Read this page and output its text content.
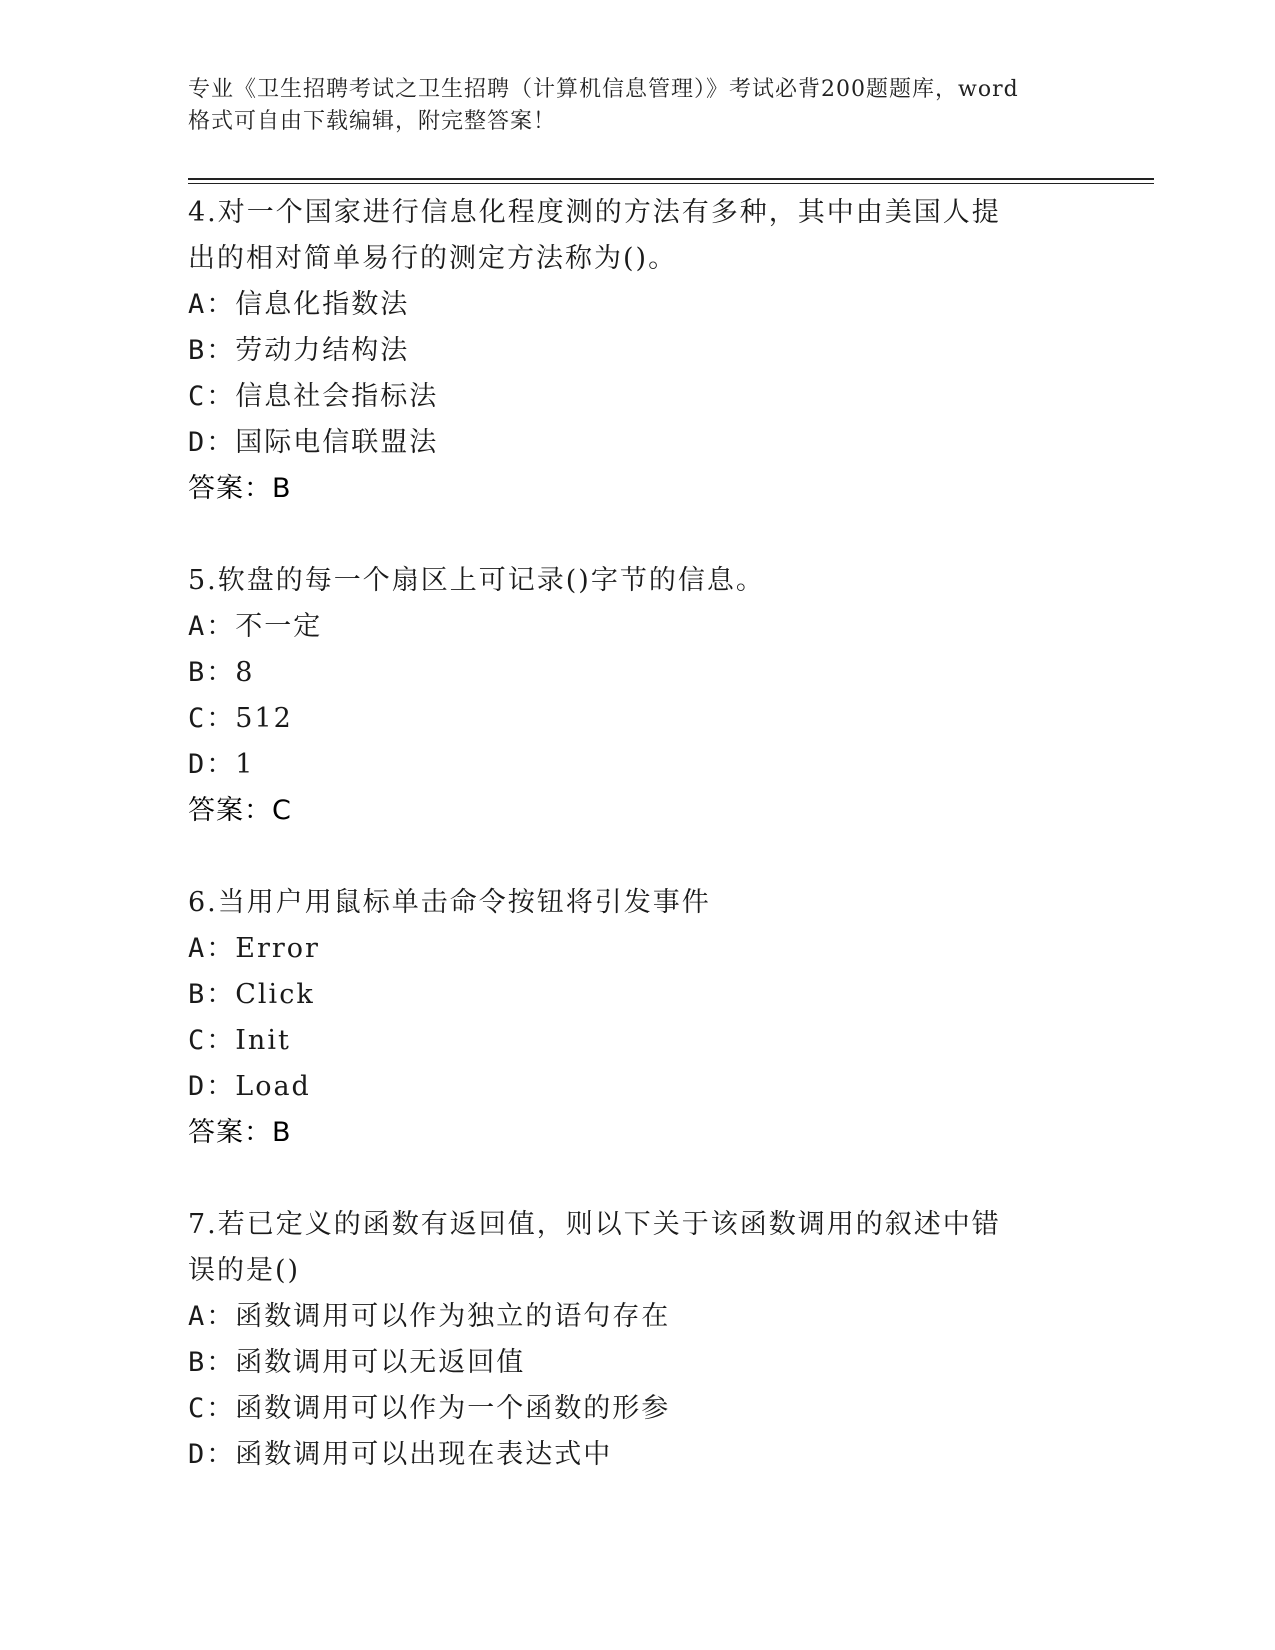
专业《卫生招聘考试之卫生招聘（计算机信息管理）》考试必背200题题库，word
格式可自由下载编辑，附完整答案！
4.对一个国家进行信息化程度测的方法有多种，其中由美国人提出的相对简单易行的测定方法称为()。
A：信息化指数法
B：劳动力结构法
C：信息社会指标法
D：国际电信联盟法
答案：B
5.软盘的每一个扇区上可记录()字节的信息。
A：不一定
B：8
C：512
D：1
答案：C
6.当用户用鼠标单击命令按钮将引发事件
A：Error
B：Click
C：Init
D：Load
答案：B
7.若已定义的函数有返回值，则以下关于该函数调用的叙述中错误的是()
A：函数调用可以作为独立的语句存在
B：函数调用可以无返回值
C：函数调用可以作为一个函数的形参
D：函数调用可以出现在表达式中
